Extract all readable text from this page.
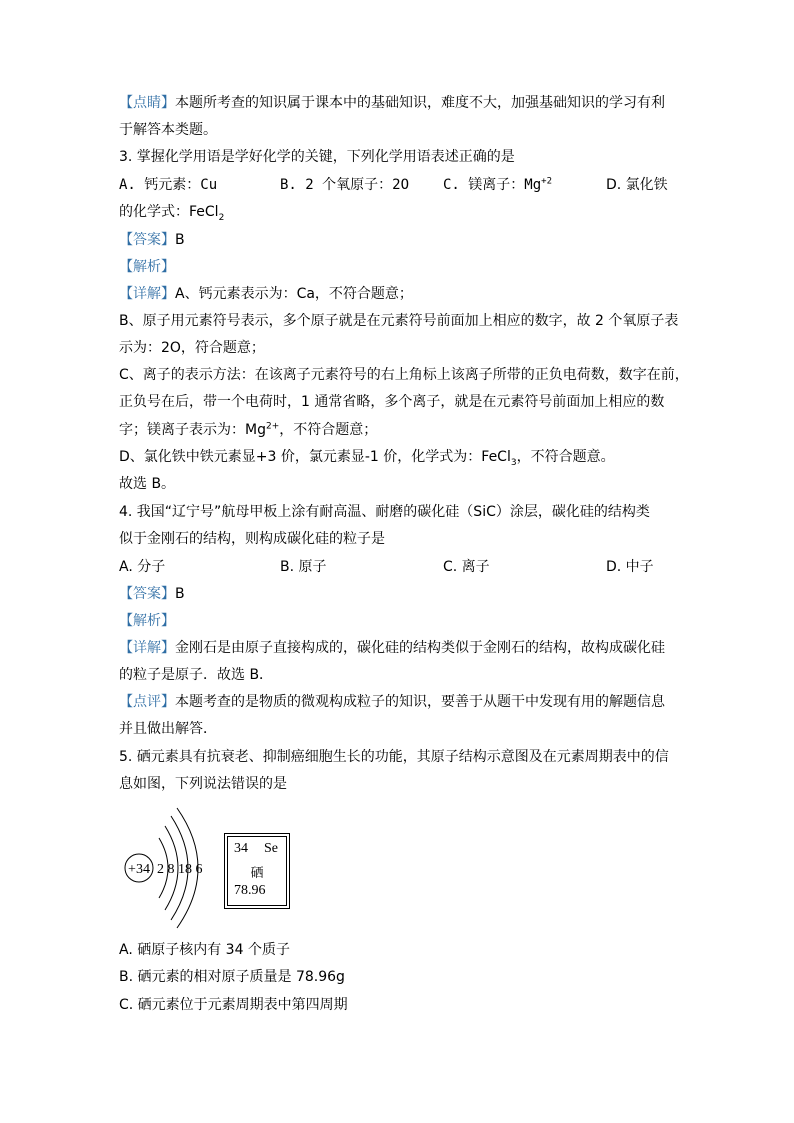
【点睛】本题所考查的知识属于课本中的基础知识，难度不大，加强基础知识的学习有利
于解答本类题。
3. 掌握化学用语是学好化学的关键，下列化学用语表述正确的是
A. 钙元素：Cu	B. 2 个氧原子：2O C. 镁离子：$Mg^{+2}$	D. 氯化铁
的化学式：FeCl$_2$
【答案】B
【解析】
【详解】A、钙元素表示为：Ca，不符合题意；
B、原子用元素符号表示，多个原子就是在元素符号前面加上相应的数字，故 2 个氧原子表
示为：2O，符合题意；
C、离子的表示方法：在该离子元素符号的右上角标上该离子所带的正负电荷数，数字在前，
正负号在后，带一个电荷时，1 通常省略，多个离子，就是在元素符号前面加上相应的数
字；镁离子表示为：$Mg^{2+}$，不符合题意；
D、氯化铁中铁元素显+3 价，氯元素显-1 价，化学式为：FeCl$_3$，不符合题意。
故选 B。
4. 我国“辽宁号”航母甲板上涂有耐高温、耐磨的碳化硅（SiC）涂层，碳化硅的结构类
似于金刚石的结构，则构成碳化硅的粒子是
A. 分子	B. 原子	C. 离子	D. 中子
【答案】B
【解析】
【详解】金刚石是由原子直接构成的，碳化硅的结构类似于金刚石的结构，故构成碳化硅
的粒子是原子．故选 B．
【点评】本题考查的是物质的微观构成粒子的知识，要善于从题干中发现有用的解题信息
并且做出解答．
5. 硒元素具有抗衰老、抑制癌细胞生长的功能，其原子结构示意图及在元素周期表中的信
息如图，下列说法错误的是
+34 2 8 18 6
34 Se
硒
78.96
A. 硒原子核内有 34 个质子
B. 硒元素的相对原子质量是 78.96g
C. 硒元素位于元素周期表中第四周期
